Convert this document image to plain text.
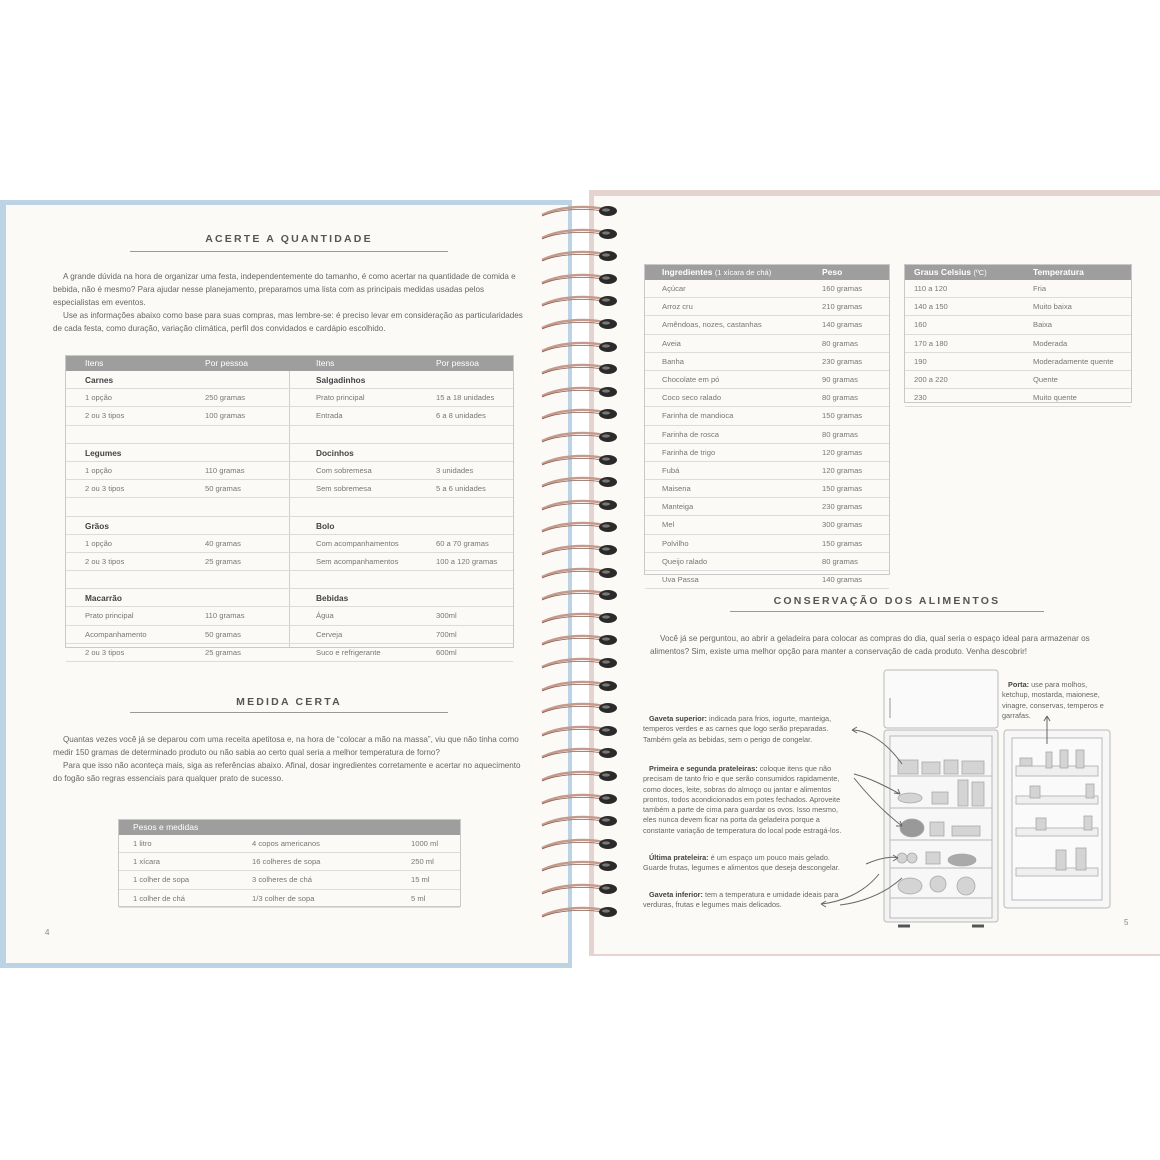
ACERTE A QUANTIDADE

A grande dúvida na hora de organizar uma festa, independentemente do tamanho, é como acertar na quantidade de comida e bebida, não é mesmo? Para ajudar nesse planejamento, preparamos uma lista com as principais medidas usadas pelos especialistas em eventos.

Use as informações abaixo como base para suas compras, mas lembre-se: é preciso levar em consideração as particularidades de cada festa, como duração, variação climática, perfil dos convidados e cardápio escolhido.

Itens	Por pessoa	Itens	Por pessoa
Carnes	Salgadinhos
1 opção	250 gramas	Prato principal	15 a 18 unidades
2 ou 3 tipos	100 gramas	Entrada	6 a 8 unidades
Legumes	Docinhos
1 opção	110 gramas	Com sobremesa	3 unidades
2 ou 3 tipos	50 gramas	Sem sobremesa	5 a 6 unidades
Grãos	Bolo
1 opção	40 gramas	Com acompanhamentos	60 a 70 gramas
2 ou 3 tipos	25 gramas	Sem acompanhamentos	100 a 120 gramas
Macarrão	Bebidas
Prato principal	110 gramas	Água	300ml
Acompanhamento	50 gramas	Cerveja	700ml
2 ou 3 tipos	25 gramas	Suco e refrigerante	600ml
MEDIDA CERTA

Quantas vezes você já se deparou com uma receita apetitosa e, na hora de “colocar a mão na massa”, viu que não tinha como medir 150 gramas de determinado produto ou não sabia ao certo qual seria a melhor temperatura de forno?

Para que isso não aconteça mais, siga as referências abaixo. Afinal, dosar ingredientes corretamente e acertar no aquecimento do fogão são regras essenciais para qualquer prato de sucesso.

Pesos e medidas
1 litro	4 copos americanos	1000 ml
1 xícara	16 colheres de sopa	250 ml
1 colher de sopa	3 colheres de chá	15 ml
1 colher de chá	1/3 colher de sopa	5 ml
4
Ingredientes (1 xícara de chá)	Peso
Açúcar	160 gramas
Arroz cru	210 gramas
Amêndoas, nozes, castanhas	140 gramas
Aveia	80 gramas
Banha	230 gramas
Chocolate em pó	90 gramas
Coco seco ralado	80 gramas
Farinha de mandioca	150 gramas
Farinha de rosca	80 gramas
Farinha de trigo	120 gramas
Fubá	120 gramas
Maisena	150 gramas
Manteiga	230 gramas
Mel	300 gramas
Polvilho	150 gramas
Queijo ralado	80 gramas
Uva Passa	140 gramas
Graus Celsius (ºC)	Temperatura
110 a 120	Fria
140 a 150	Muito baixa
160	Baixa
170 a 180	Moderada
190	Moderadamente quente
200 a 220	Quente
230	Muito quente
CONSERVAÇÃO DOS ALIMENTOS

Você já se perguntou, ao abrir a geladeira para colocar as compras do dia, qual seria o espaço ideal para armazenar os alimentos? Sim, existe uma melhor opção para manter a conservação de cada produto. Venha descobrir!

Gaveta superior: indicada para frios, iogurte, manteiga, temperos verdes e as carnes que logo serão preparadas. Também gela as bebidas, sem o perigo de congelar.
Primeira e segunda prateleiras: coloque itens que não precisam de tanto frio e que serão consumidos rapidamente, como doces, leite, sobras do almoço ou jantar e alimentos prontos, todos acondicionados em potes fechados. Aproveite também a parte de cima para guardar os ovos. Isso mesmo, eles nunca devem ficar na porta da geladeira porque a constante variação de temperatura do local pode estragá-los.
Última prateleira: é um espaço um pouco mais gelado. Guarde frutas, legumes e alimentos que deseja descongelar.
Gaveta inferior: tem a temperatura e umidade ideais para verduras, frutas e legumes mais delicados.
Porta: use para molhos, ketchup, mostarda, maionese, vinagre, conservas, temperos e garrafas.
5
